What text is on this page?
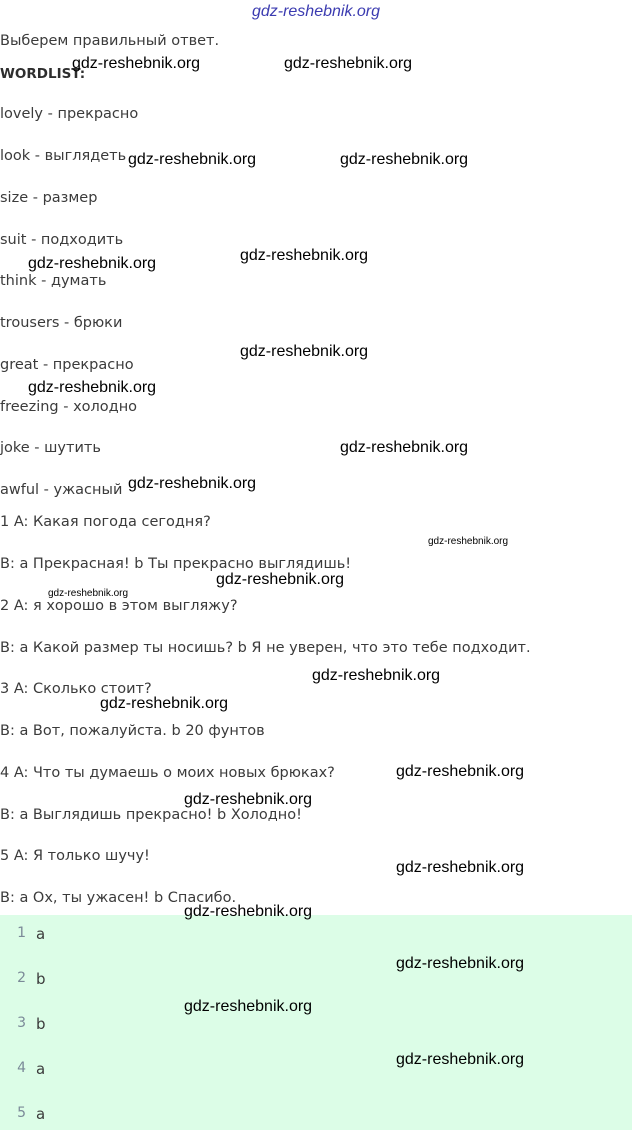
gdz-reshebnik.org
Выберем правильный ответ.
WORDLIST:
lovely - прекрасно
look - выглядеть
size - размер
suit - подходить
think - думать
trousers - брюки
great - прекрасно
freezing - холодно
joke - шутить
awful - ужасный
1 A: Какая погода сегодня?
B: a Прекрасная! b Ты прекрасно выглядишь!
2 A: я хорошо в этом выгляжу?
B: a Какой размер ты носишь? b Я не уверен, что это тебе подходит.
3 A: Сколько стоит?
B: a Вот, пожалуйста. b 20 фунтов
4 A: Что ты думаешь о моих новых брюках?
B: a Выглядишь прекрасно! b Холодно!
5 A: Я только шучу!
B: a Ох, ты ужасен! b Спасибо.
1 a
2 b
3 b
4 a
5 a
gdz-reshebnik.org	gdz-reshebnik.org
gdz-reshebnik.org	gdz-reshebnik.org
gdz-reshebnik.org
gdz-reshebnik.org
gdz-reshebnik.org
gdz-reshebnik.org
gdz-reshebnik.org
gdz-reshebnik.org
gdz-reshebnik.org
gdz-reshebnik.org
gdz-reshebnik.org
gdz-reshebnik.org
gdz-reshebnik.org
gdz-reshebnik.org
gdz-reshebnik.org
gdz-reshebnik.org
gdz-reshebnik.org
gdz-reshebnik.org
gdz-reshebnik.org
gdz-reshebnik.org
